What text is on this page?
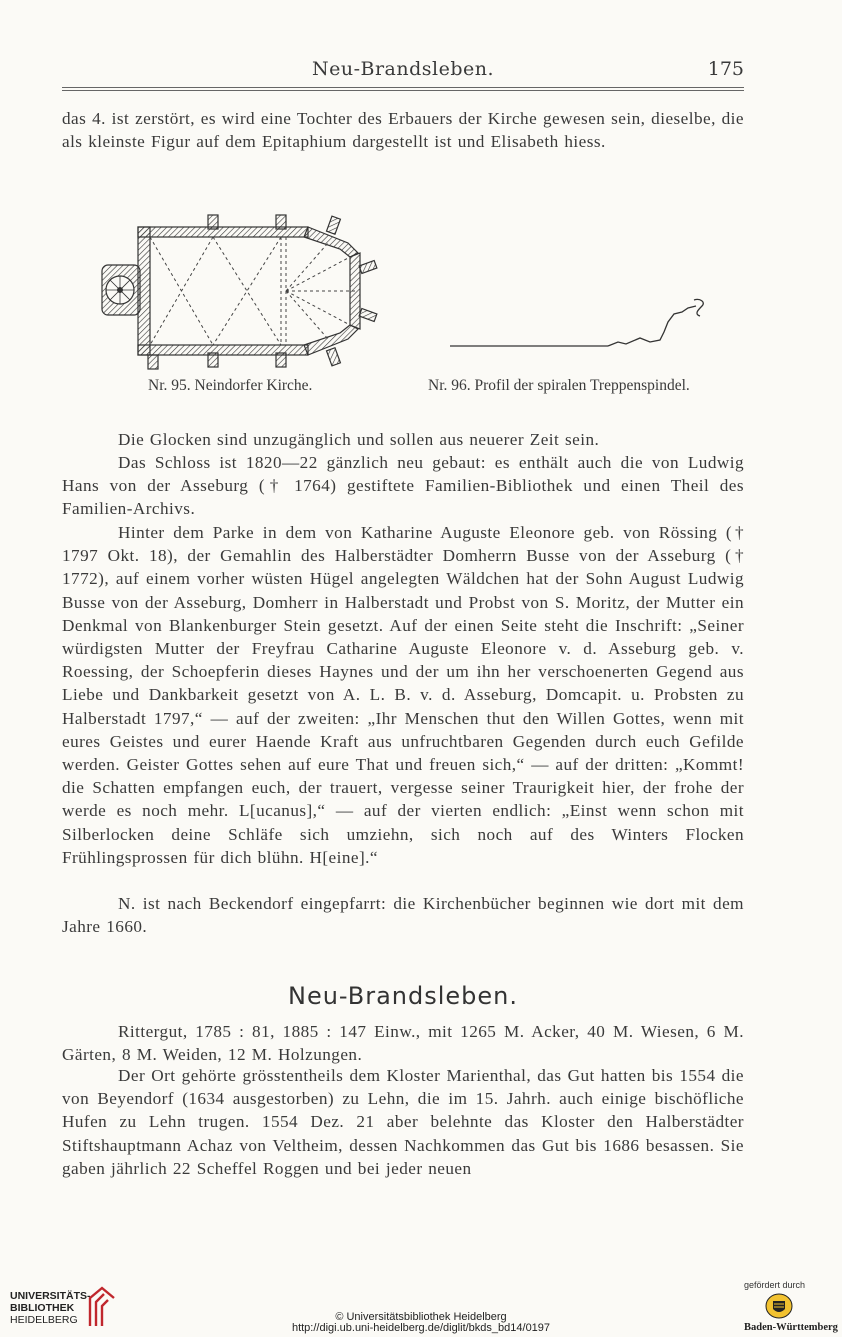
Neu-Brandsleben.	175

das 4. ist zerstört, es wird eine Tochter des Erbauers der Kirche gewesen sein, dieselbe, die als kleinste Figur auf dem Epitaphium dargestellt ist und Elisabeth hiess.

Nr. 95. Neindorfer Kirche.	Nr. 96. Profil der spiralen Treppenspindel.

Die Glocken sind unzugänglich und sollen aus neuerer Zeit sein.

Das Schloss ist 1820—22 gänzlich neu gebaut: es enthält auch die von Ludwig Hans von der Asseburg († 1764) gestiftete Familien-Bibliothek und einen Theil des Familien-Archivs.

Hinter dem Parke in dem von Katharine Auguste Eleonore geb. von Rössing († 1797 Okt. 18), der Gemahlin des Halberstädter Domherrn Busse von der Asseburg († 1772), auf einem vorher wüsten Hügel angelegten Wäldchen hat der Sohn August Ludwig Busse von der Asseburg, Domherr in Halberstadt und Probst von S. Moritz, der Mutter ein Denkmal von Blankenburger Stein gesetzt. Auf der einen Seite steht die Inschrift: „Seiner würdigsten Mutter der Freyfrau Catharine Auguste Eleonore v. d. Asseburg geb. v. Roessing, der Schoepferin dieses Haynes und der um ihn her verschoenerten Gegend aus Liebe und Dankbarkeit gesetzt von A. L. B. v. d. Asseburg, Domcapit. u. Probsten zu Halberstadt 1797,“ — auf der zweiten: „Ihr Menschen thut den Willen Gottes, wenn mit eures Geistes und eurer Haende Kraft aus unfruchtbaren Gegenden durch euch Gefilde werden. Geister Gottes sehen auf eure That und freuen sich,“ — auf der dritten: „Kommt! die Schatten empfangen euch, der trauert, vergesse seiner Traurigkeit hier, der frohe der werde es noch mehr. L[ucanus],“ — auf der vierten endlich: „Einst wenn schon mit Silberlocken deine Schläfe sich umziehn, sich noch auf des Winters Flocken Frühlingsprossen für dich blühn. H[eine].“

N. ist nach Beckendorf eingepfarrt: die Kirchenbücher beginnen wie dort mit dem Jahre 1660.

Neu-Brandsleben.

Rittergut, 1785 : 81, 1885 : 147 Einw., mit 1265 M. Acker, 40 M. Wiesen, 6 M. Gärten, 8 M. Weiden, 12 M. Holzungen.

Der Ort gehörte grösstentheils dem Kloster Marienthal, das Gut hatten bis 1554 die von Beyendorf (1634 ausgestorben) zu Lehn, die im 15. Jahrh. auch einige bischöfliche Hufen zu Lehn trugen. 1554 Dez. 21 aber belehnte das Kloster den Halberstädter Stiftshauptmann Achaz von Veltheim, dessen Nachkommen das Gut bis 1686 besassen. Sie gaben jährlich 22 Scheffel Roggen und bei jeder neuen

UNIVERSITÄTS-
BIBLIOTHEK
HEIDELBERG	© Universitätsbibliothek Heidelberg
http://digi.ub.uni-heidelberg.de/diglit/bkds_bd14/0197
gefördert durch
Baden-Württemberg
